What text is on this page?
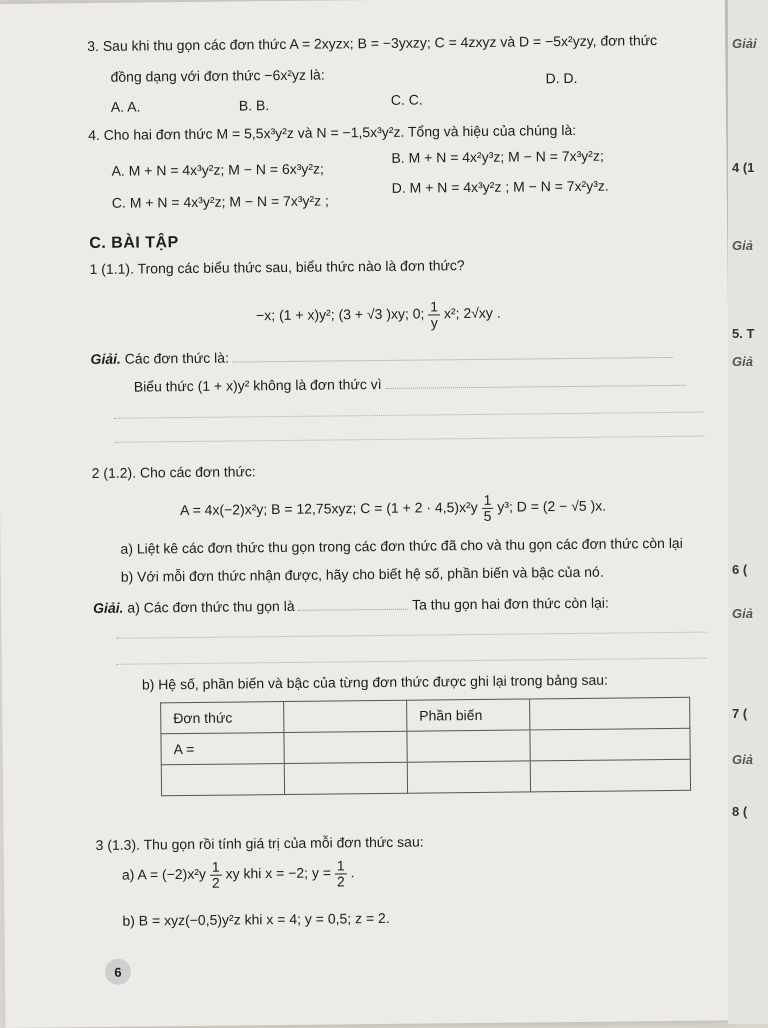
3. Sau khi thu gọn các đơn thức A = 2xyzx; B = −3yxzy; C = 4zxyz và D = −5x²yzy, đơn thức
đồng dạng với đơn thức −6x²yz là:	D. D.
A. A.	B. B.	C. C.
4. Cho hai đơn thức M = 5,5x³y²z và N = −1,5x³y²z. Tổng và hiệu của chúng là:
A. M + N = 4x³y²z; M − N = 6x³y²z;
B. M + N = 4x²y³z; M − N = 7x³y²z;
C. M + N = 4x³y²z; M − N = 7x³y²z ;
D. M + N = 4x³y²z ; M − N = 7x²y³z.
C. BÀI TẬP
1 (1.1). Trong các biểu thức sau, biểu thức nào là đơn thức?
−x; (1 + x)y²; (3 + √3 )xy; 0; $\frac{1}{y} x^2$; 2√xy .
Giải. Các đơn thức là:
Biểu thức (1 + x)y² không là đơn thức vì
2 (1.2). Cho các đơn thức:
A = 4x(−2)x²y; B = 12,75xyz; $C = (1 + 2 \cdot 4,5)x^2y \frac{1}{5} y^3$; D = (2 − √5 )x.
a) Liệt kê các đơn thức thu gọn trong các đơn thức đã cho và thu gọn các đơn thức còn lại
b) Với mỗi đơn thức nhận được, hãy cho biết hệ số, phần biến và bậc của nó.
Giải. a) Các đơn thức thu gọn là	Ta thu gọn hai đơn thức còn lại:
b) Hệ số, phần biến và bậc của từng đơn thức được ghi lại trong bảng sau:
Đơn thức		Phần biến	
A =			

3 (1.3). Thu gọn rồi tính giá trị của mỗi đơn thức sau:
a) $A = (-2)x^2y \frac{1}{2}$ xy khi x = −2; $y = \frac{1}{2}$ .
b) B = xyz(−0,5)y²z khi x = 4; y = 0,5; z = 2.
6
Giải
4 (1
Giả
5. T
Giả
6 (
Giả
7 (
Giả
8 (
